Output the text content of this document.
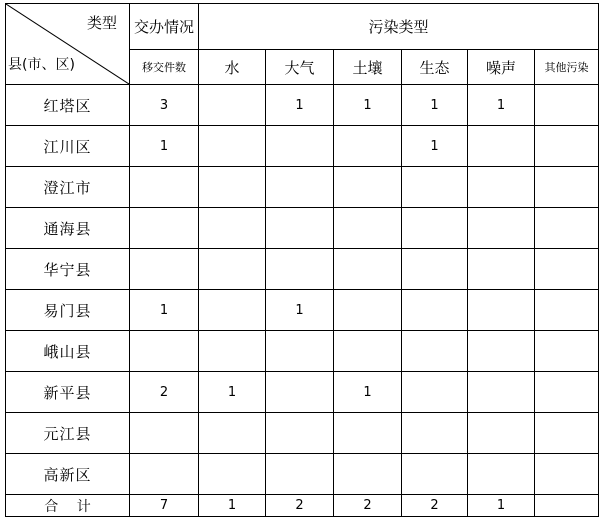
类型
县(市、区)	交办情况	污染类型					
	移交件数	水	大气	土壤	生态	噪声	其他污染
红塔区	3		1	1	1	1	
江川区	1				1		
澄江市							
通海县							
华宁县							
易门县	1		1				
峨山县							
新平县	2	1		1			
元江县							
高新区							
合 计	7	1	2	2	2	1	
